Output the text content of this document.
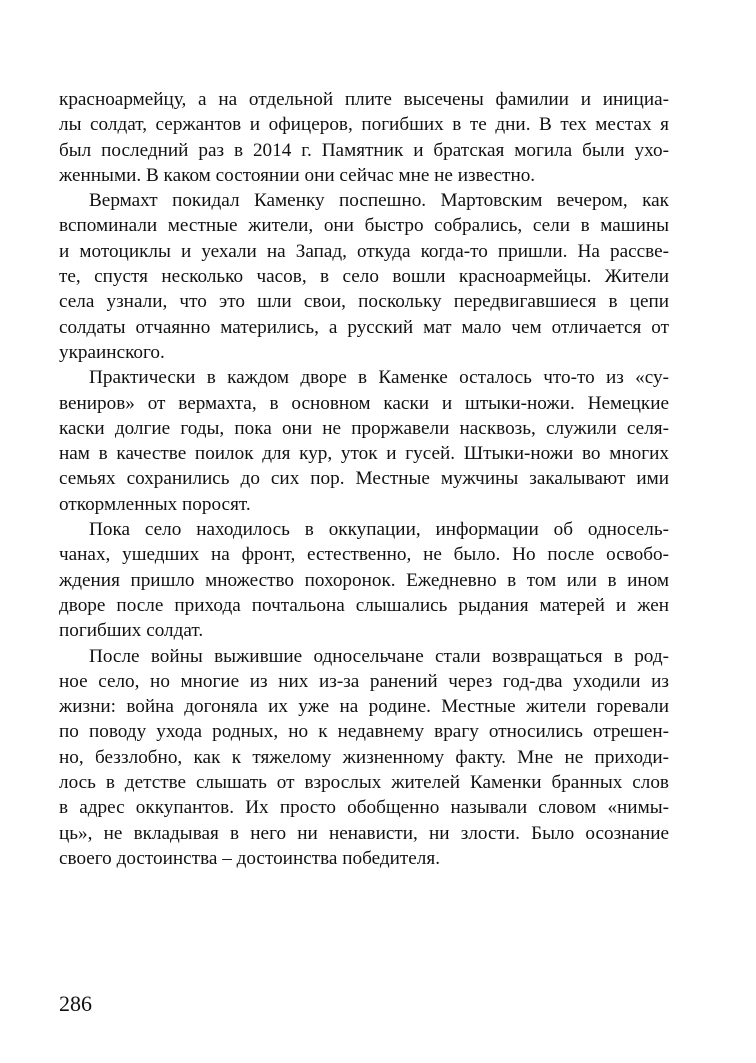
красноармейцу, а на отдельной плите высечены фамилии и инициа-
лы солдат, сержантов и офицеров, погибших в те дни. В тех местах я
был последний раз в 2014 г. Памятник и братская могила были ухо-
женными. В каком состоянии они сейчас мне не известно.
Вермахт покидал Каменку поспешно. Мартовским вечером, как
вспоминали местные жители, они быстро собрались, сели в машины
и мотоциклы и уехали на Запад, откуда когда-то пришли. На рассве-
те, спустя несколько часов, в село вошли красноармейцы. Жители
села узнали, что это шли свои, поскольку передвигавшиеся в цепи
солдаты отчаянно матерились, а русский мат мало чем отличается от
украинского.
Практически в каждом дворе в Каменке осталось что-то из «су-
вениров» от вермахта, в основном каски и штыки-ножи. Немецкие
каски долгие годы, пока они не проржавели насквозь, служили селя-
нам в качестве поилок для кур, уток и гусей. Штыки-ножи во многих
семьях сохранились до сих пор. Местные мужчины закалывают ими
откормленных поросят.
Пока село находилось в оккупации, информации об односель-
чанах, ушедших на фронт, естественно, не было. Но после освобо-
ждения пришло множество похоронок. Ежедневно в том или в ином
дворе после прихода почтальона слышались рыдания матерей и жен
погибших солдат.
После войны выжившие односельчане стали возвращаться в род-
ное село, но многие из них из-за ранений через год-два уходили из
жизни: война догоняла их уже на родине. Местные жители горевали
по поводу ухода родных, но к недавнему врагу относились отрешен-
но, беззлобно, как к тяжелому жизненному факту. Мне не приходи-
лось в детстве слышать от взрослых жителей Каменки бранных слов
в адрес оккупантов. Их просто обобщенно называли словом «нимы-
ць», не вкладывая в него ни ненависти, ни злости. Было осознание
своего достоинства – достоинства победителя.
286
